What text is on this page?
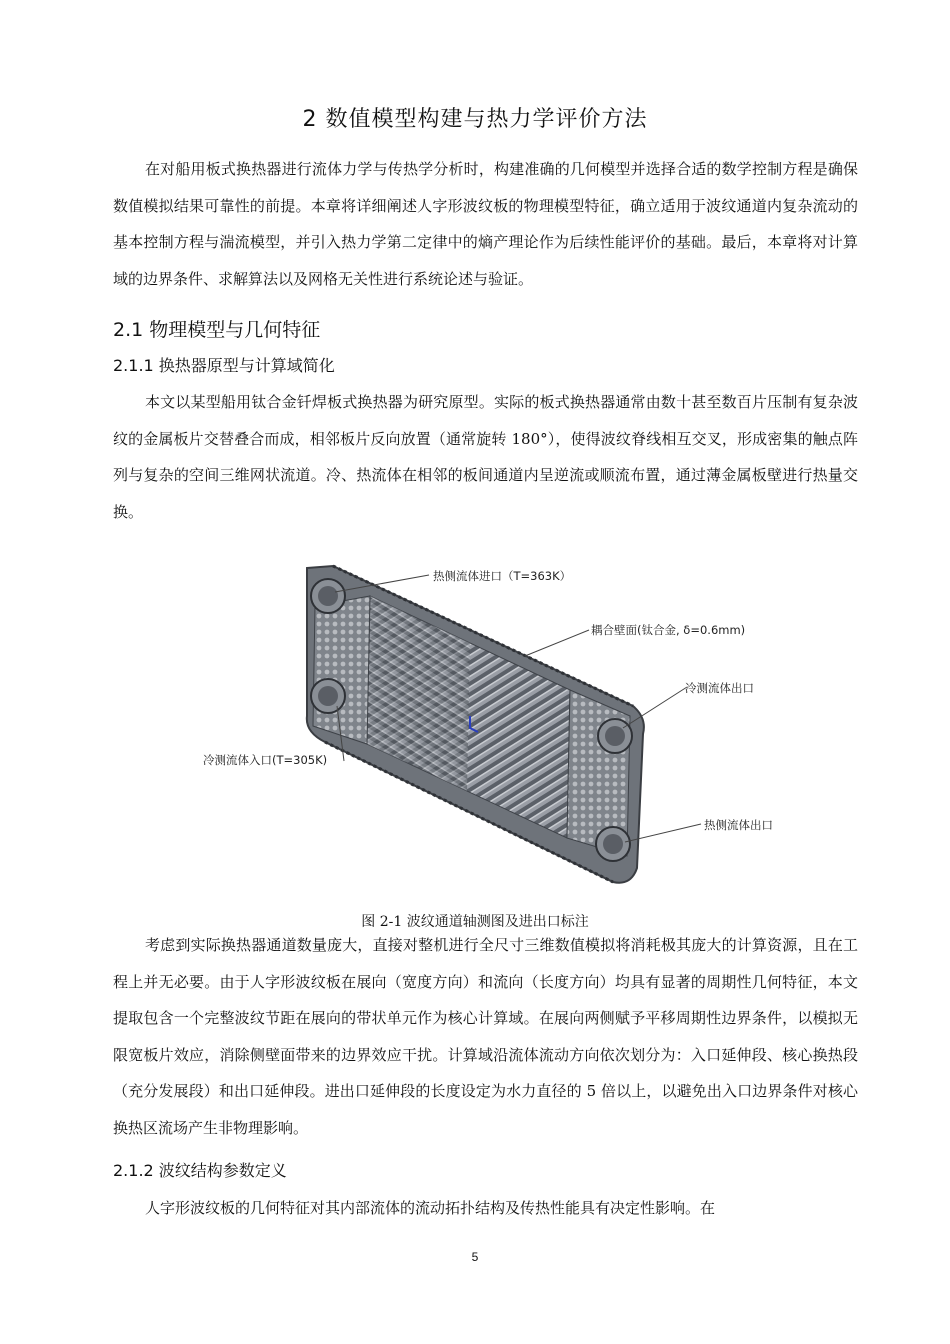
2 数值模型构建与热力学评价方法

在对船用板式换热器进行流体力学与传热学分析时，构建准确的几何模型并选择合适的数学控制方程是确保数值模拟结果可靠性的前提。本章将详细阐述人字形波纹板的物理模型特征，确立适用于波纹通道内复杂流动的基本控制方程与湍流模型，并引入热力学第二定律中的熵产理论作为后续性能评价的基础。最后，本章将对计算域的边界条件、求解算法以及网格无关性进行系统论述与验证。

2.1 物理模型与几何特征
2.1.1 换热器原型与计算域简化

本文以某型船用钛合金钎焊板式换热器为研究原型。实际的板式换热器通常由数十甚至数百片压制有复杂波纹的金属板片交替叠合而成，相邻板片反向放置（通常旋转 180°），使得波纹脊线相互交叉，形成密集的触点阵列与复杂的空间三维网状流道。冷、热流体在相邻的板间通道内呈逆流或顺流布置，通过薄金属板壁进行热量交换。

热侧流体进口（T=363K）
耦合壁面(钛合金, δ=0.6mm)
冷测流体出口
冷测流体入口(T=305K)
热侧流体出口
图 2-1 波纹通道轴测图及进出口标注

考虑到实际换热器通道数量庞大，直接对整机进行全尺寸三维数值模拟将消耗极其庞大的计算资源，且在工程上并无必要。由于人字形波纹板在展向（宽度方向）和流向（长度方向）均具有显著的周期性几何特征，本文提取包含一个完整波纹节距在展向的带状单元作为核心计算域。在展向两侧赋予平移周期性边界条件，以模拟无限宽板片效应，消除侧壁面带来的边界效应干扰。计算域沿流体流动方向依次划分为：入口延伸段、核心换热段（充分发展段）和出口延伸段。进出口延伸段的长度设定为水力直径的 5 倍以上，以避免出入口边界条件对核心换热区流场产生非物理影响。

2.1.2 波纹结构参数定义

人字形波纹板的几何特征对其内部流体的流动拓扑结构及传热性能具有决定性影响。在

5
